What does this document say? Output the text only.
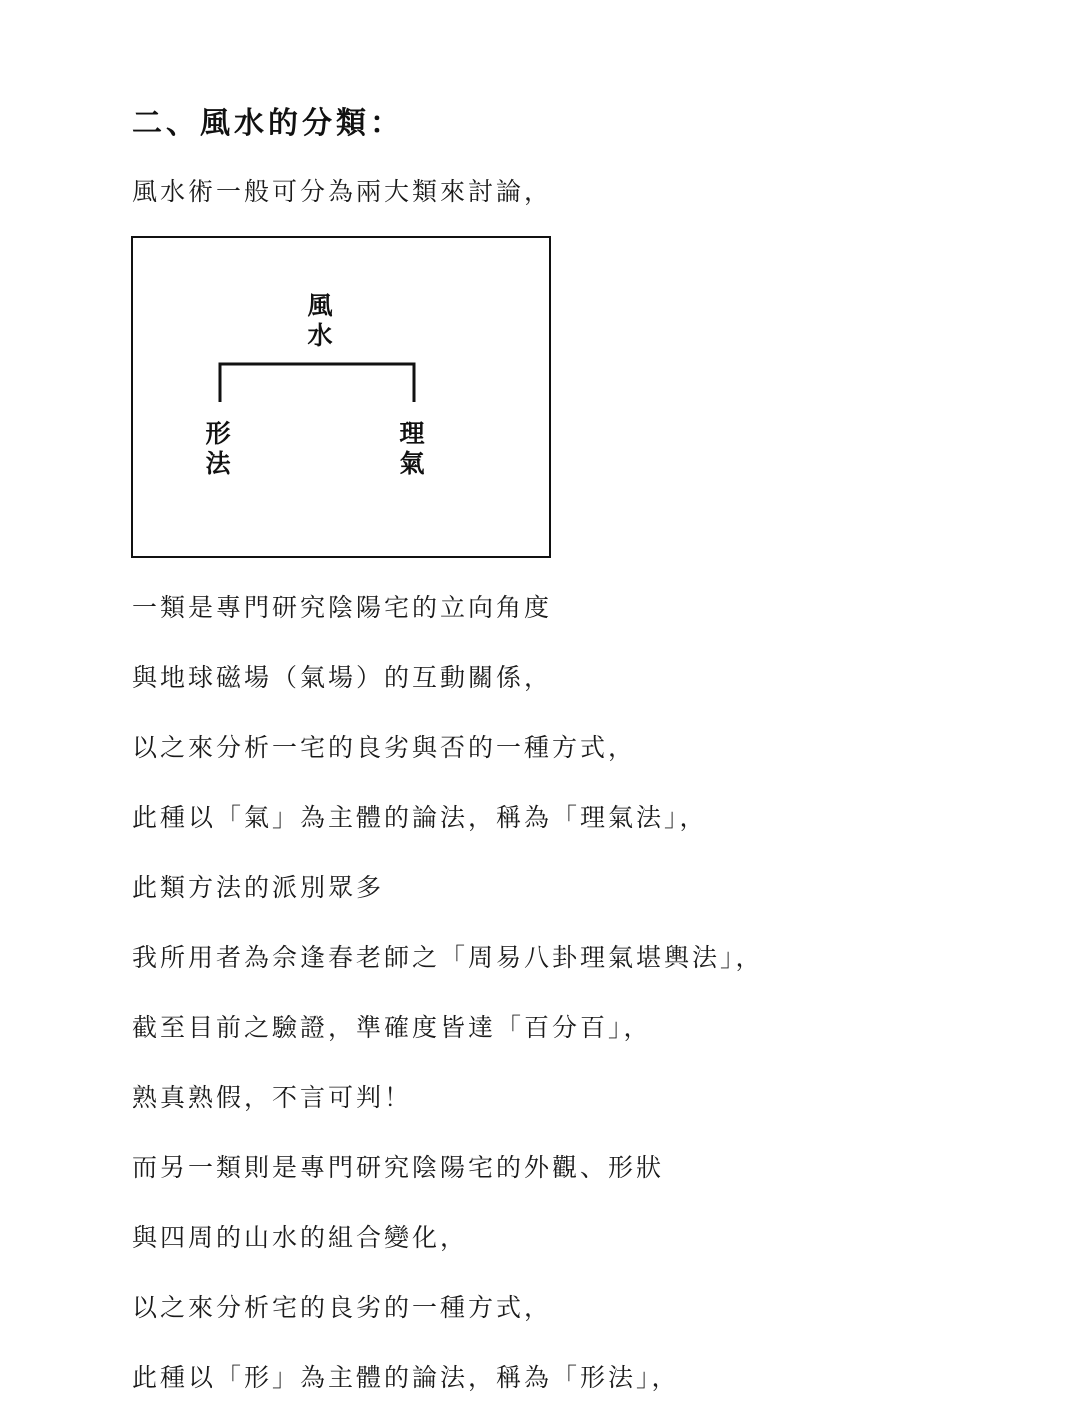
二、風水的分類：
風水術一般可分為兩大類來討論，
風
水
形
法
理
氣
一類是專門研究陰陽宅的立向角度
與地球磁場（氣場）的互動關係，
以之來分析一宅的良劣與否的一種方式，
此種以「氣」為主體的論法，稱為「理氣法」，
此類方法的派別眾多
我所用者為佘逢春老師之「周易八卦理氣堪輿法」，
截至目前之驗證，準確度皆達「百分百」，
熟真熟假，不言可判！
而另一類則是專門研究陰陽宅的外觀、形狀
與四周的山水的組合變化，
以之來分析宅的良劣的一種方式，
此種以「形」為主體的論法，稱為「形法」，
